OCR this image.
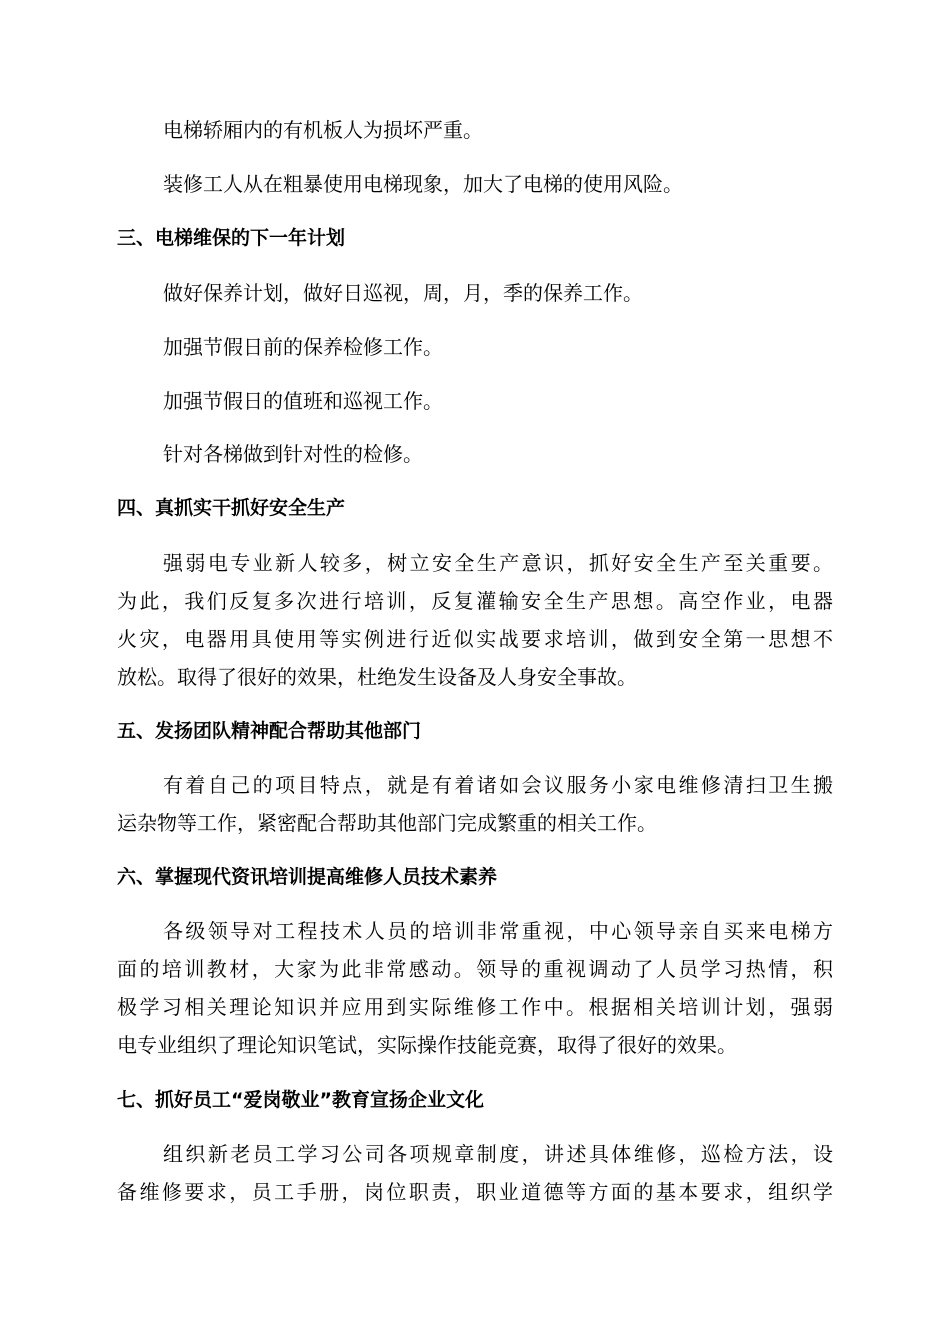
电梯轿厢内的有机板人为损坏严重。
装修工人从在粗暴使用电梯现象，加大了电梯的使用风险。
三、电梯维保的下一年计划
做好保养计划，做好日巡视，周，月，季的保养工作。
加强节假日前的保养检修工作。
加强节假日的值班和巡视工作。
针对各梯做到针对性的检修。
四、真抓实干抓好安全生产
强弱电专业新人较多，树立安全生产意识，抓好安全生产至关重要。
为此，我们反复多次进行培训，反复灌输安全生产思想。高空作业，电器
火灾，电器用具使用等实例进行近似实战要求培训，做到安全第一思想不
放松。取得了很好的效果，杜绝发生设备及人身安全事故。
五、发扬团队精神配合帮助其他部门
有着自己的项目特点，就是有着诸如会议服务小家电维修清扫卫生搬
运杂物等工作，紧密配合帮助其他部门完成繁重的相关工作。
六、掌握现代资讯培训提高维修人员技术素养
各级领导对工程技术人员的培训非常重视，中心领导亲自买来电梯方
面的培训教材，大家为此非常感动。领导的重视调动了人员学习热情，积
极学习相关理论知识并应用到实际维修工作中。根据相关培训计划，强弱
电专业组织了理论知识笔试，实际操作技能竞赛，取得了很好的效果。
七、抓好员工“爱岗敬业”教育宣扬企业文化
组织新老员工学习公司各项规章制度，讲述具体维修，巡检方法，设
备维修要求，员工手册，岗位职责，职业道德等方面的基本要求，组织学
